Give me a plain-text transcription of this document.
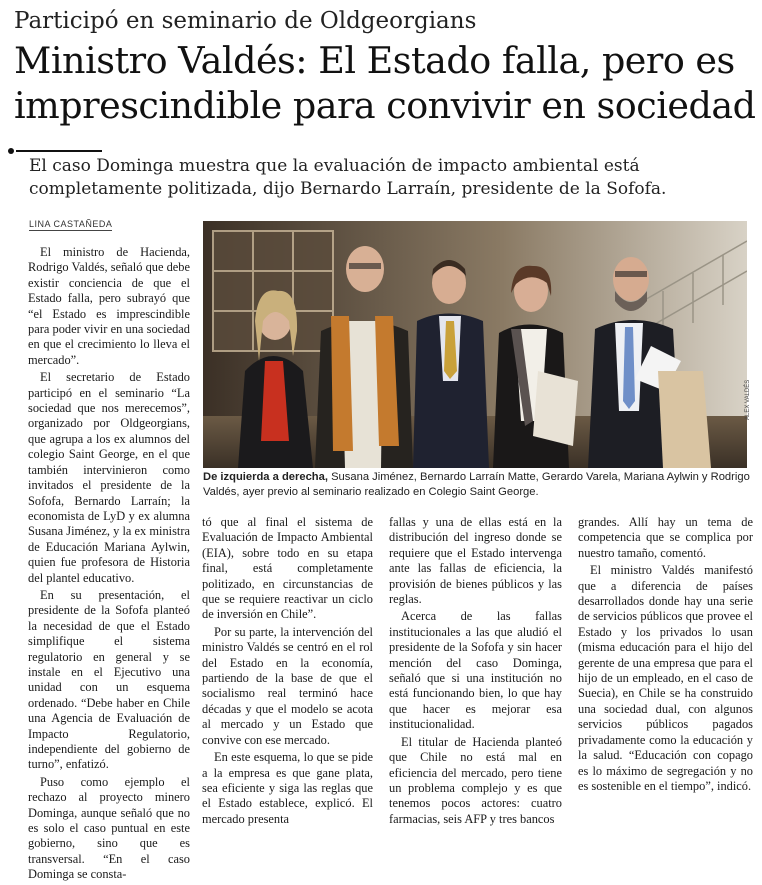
Participó en seminario de Oldgeorgians
Ministro Valdés: El Estado falla, pero es
imprescindible para convivir en sociedad
El caso Dominga muestra que la evaluación de impacto ambiental está
completamente politizada, dijo Bernardo Larraín, presidente de la Sofofa.
LINA CASTAÑEDA

El ministro de Hacienda, Rodrigo Valdés, señaló que debe existir conciencia de que el Estado falla, pero subrayó que “el Estado es imprescindible para poder vivir en una sociedad en que el crecimiento lo lleva el mercado”.

El secretario de Estado participó en el seminario “La sociedad que nos merecemos”, organizado por Oldgeorgians, que agrupa a los ex alumnos del colegio Saint George, en el que también intervinieron como invitados el presidente de la Sofofa, Bernardo Larraín; la economista de LyD y ex alumna Susana Jiménez, y la ex ministra de Educación Mariana Aylwin, quien fue profesora de Historia del plantel educativo.

En su presentación, el presidente de la Sofofa planteó la necesidad de que el Estado simplifique el sistema regulatorio en general y se instale en el Ejecutivo una unidad con un esquema ordenado. “Debe haber en Chile una Agencia de Evaluación de Impacto Regulatorio, independiente del gobierno de turno”, enfatizó.

Puso como ejemplo el rechazo al proyecto minero Dominga, aunque señaló que no es solo el caso puntual en este gobierno, sino que es transversal. “En el caso Dominga se consta-

ALEX VALDÉS
De izquierda a derecha, Susana Jiménez, Bernardo Larraín Matte, Gerardo Varela, Mariana Aylwin y Rodrigo Valdés, ayer previo al seminario realizado en Colegio Saint George.

tó que al final el sistema de Evaluación de Impacto Ambiental (EIA), sobre todo en su etapa final, está completamente politizado, en circunstancias de que se requiere reactivar un ciclo de inversión en Chile”.

Por su parte, la intervención del ministro Valdés se centró en el rol del Estado en la economía, partiendo de la base de que el socialismo real terminó hace décadas y que el modelo se acota al mercado y un Estado que convive con ese mercado.

En este esquema, lo que se pide a la empresa es que gane plata, sea eficiente y siga las reglas que el Estado establece, explicó. El mercado presenta

fallas y una de ellas está en la distribución del ingreso donde se requiere que el Estado intervenga ante las fallas de eficiencia, la provisión de bienes públicos y las reglas.

Acerca de las fallas institucionales a las que aludió el presidente de la Sofofa y sin hacer mención del caso Dominga, señaló que si una institución no está funcionando bien, lo que hay que hacer es mejorar esa institucionalidad.

El titular de Hacienda planteó que Chile no está mal en eficiencia del mercado, pero tiene un problema complejo y es que tenemos pocos actores: cuatro farmacias, seis AFP y tres bancos

grandes. Allí hay un tema de competencia que se complica por nuestro tamaño, comentó.

El ministro Valdés manifestó que a diferencia de países desarrollados donde hay una serie de servicios públicos que provee el Estado y los privados lo usan (misma educación para el hijo del gerente de una empresa que para el hijo de un empleado, en el caso de Suecia), en Chile se ha construido una sociedad dual, con algunos servicios públicos pagados privadamente como la educación y la salud. “Educación con copago es lo máximo de segregación y no es sostenible en el tiempo”, indicó.
